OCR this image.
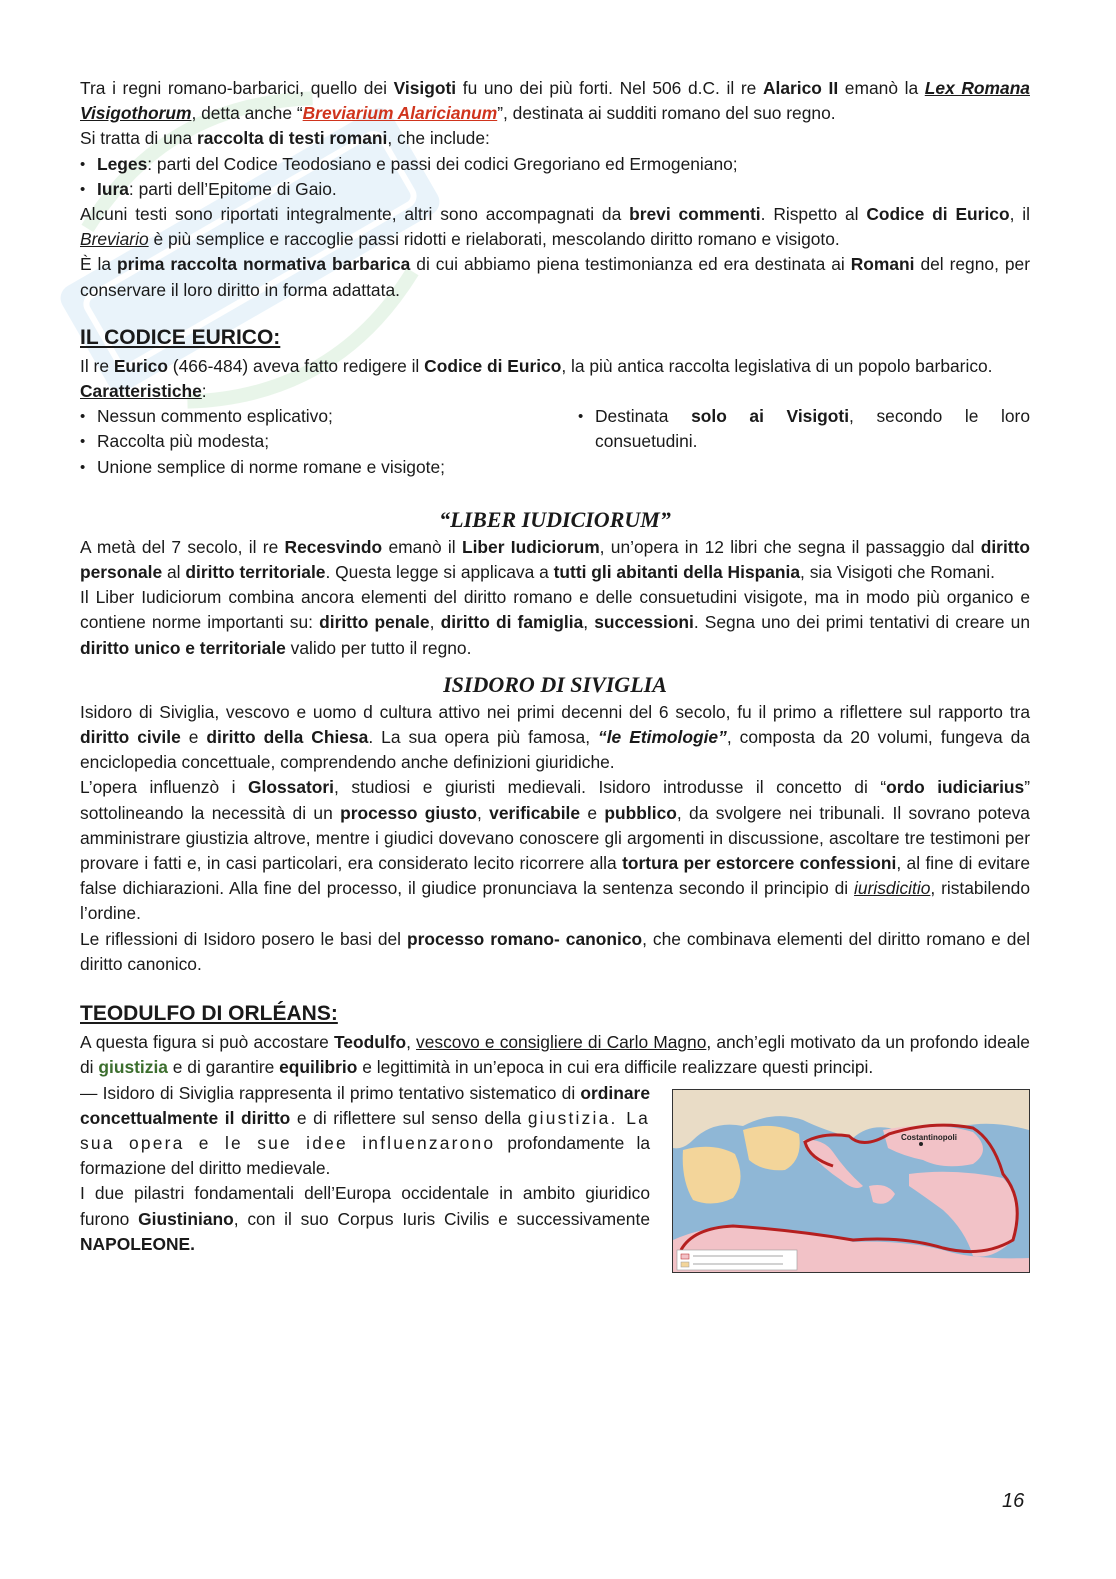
Tra i regni romano-barbarici, quello dei Visigoti fu uno dei più forti. Nel 506 d.C. il re Alarico II emanò la Lex Romana Visigothorum, detta anche “Breviarium Alaricianum”, destinata ai sudditi romano del suo regno.

Si tratta di una raccolta di testi romani, che include:

• Leges: parti del Codice Teodosiano e passi dei codici Gregoriano ed Ermogeniano;

• Iura: parti dell’Epitome di Gaio.

Alcuni testi sono riportati integralmente, altri sono accompagnati da brevi commenti. Rispetto al Codice di Eurico, il Breviario è più semplice e raccoglie passi ridotti e rielaborati, mescolando diritto romano e visigoto.

È la prima raccolta normativa barbarica di cui abbiamo piena testimonianza ed era destinata ai Romani del regno, per conservare il loro diritto in forma adattata.

IL CODICE EURICO:

Il re Eurico (466-484) aveva fatto redigere il Codice di Eurico, la più antica raccolta legislativa di un popolo barbarico.

Caratteristiche:

• Nessun commento esplicativo;

• Raccolta più modesta;

• Unione semplice di norme romane e visigote;

• Destinata solo ai Visigoti, secondo le loro consuetudini.

“LIBER IUDICIORUM”

A metà del 7 secolo, il re Recesvindo emanò il Liber Iudiciorum, un’opera in 12 libri che segna il passaggio dal diritto personale al diritto territoriale. Questa legge si applicava a tutti gli abitanti della Hispania, sia Visigoti che Romani.

Il Liber Iudiciorum combina ancora elementi del diritto romano e delle consuetudini visigote, ma in modo più organico e contiene norme importanti su: diritto penale, diritto di famiglia, successioni. Segna uno dei primi tentativi di creare un diritto unico e territoriale valido per tutto il regno.

ISIDORO DI SIVIGLIA

Isidoro di Siviglia, vescovo e uomo d cultura attivo nei primi decenni del 6 secolo, fu il primo a riflettere sul rapporto tra diritto civile e diritto della Chiesa. La sua opera più famosa, “le Etimologie”, composta da 20 volumi, fungeva da enciclopedia concettuale, comprendendo anche definizioni giuridiche.

L’opera influenzò i Glossatori, studiosi e giuristi medievali. Isidoro introdusse il concetto di “ordo iudiciarius” sottolineando la necessità di un processo giusto, verificabile e pubblico, da svolgere nei tribunali. Il sovrano poteva amministrare giustizia altrove, mentre i giudici dovevano conoscere gli argomenti in discussione, ascoltare tre testimoni per provare i fatti e, in casi particolari, era considerato lecito ricorrere alla tortura per estorcere confessioni, al fine di evitare false dichiarazioni. Alla fine del processo, il giudice pronunciava la sentenza secondo il principio di iurisdicitio, ristabilendo l’ordine.

Le riflessioni di Isidoro posero le basi del processo romano- canonico, che combinava elementi del diritto romano e del diritto canonico.

TEODULFO DI ORLÉANS:

A questa figura si può accostare Teodulfo, vescovo e consigliere di Carlo Magno, anch’egli motivato da un profondo ideale di giustizia e di garantire equilibrio e legittimità in un’epoca in cui era difficile realizzare questi principi.

— Isidoro di Siviglia rappresenta il primo tentativo sistematico di ordinare concettualmente il diritto e di riflettere sul senso della giustizia. La sua opera e le sue idee influenzarono profondamente la formazione del diritto medievale.

I due pilastri fondamentali dell’Europa occidentale in ambito giuridico furono Giustiniano, con il suo Corpus Iuris Civilis e successivamente NAPOLEONE.

Costantinopoli
16
